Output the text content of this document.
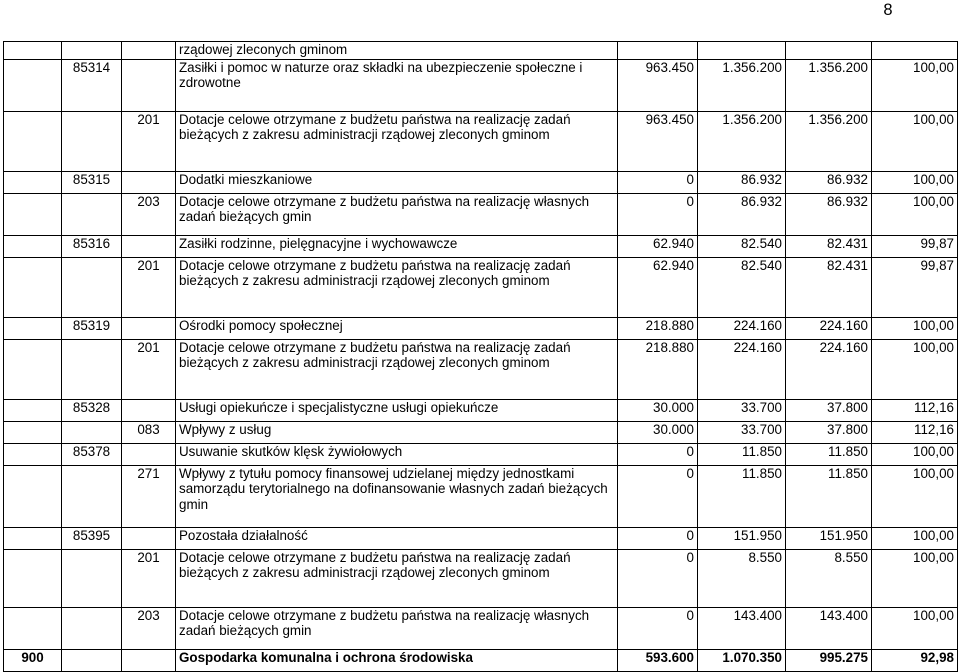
8
			rządowej zleconych gminom				
	85314		Zasiłki i pomoc w naturze oraz składki na ubezpieczenie społeczne i zdrowotne	963.450	1.356.200	1.356.200	100,00
		201	Dotacje celowe otrzymane z budżetu państwa na realizację zadań bieżących z zakresu administracji rządowej zleconych gminom	963.450	1.356.200	1.356.200	100,00
	85315		Dodatki mieszkaniowe	0	86.932	86.932	100,00
		203	Dotacje celowe otrzymane z budżetu państwa na realizację własnych zadań bieżących gmin	0	86.932	86.932	100,00
	85316		Zasiłki rodzinne, pielęgnacyjne i wychowawcze	62.940	82.540	82.431	99,87
		201	Dotacje celowe otrzymane z budżetu państwa na realizację zadań bieżących z zakresu administracji rządowej zleconych gminom	62.940	82.540	82.431	99,87
	85319		Ośrodki pomocy społecznej	218.880	224.160	224.160	100,00
		201	Dotacje celowe otrzymane z budżetu państwa na realizację zadań bieżących z zakresu administracji rządowej zleconych gminom	218.880	224.160	224.160	100,00
	85328		Usługi opiekuńcze i specjalistyczne usługi opiekuńcze	30.000	33.700	37.800	112,16
		083	Wpływy z usług	30.000	33.700	37.800	112,16
	85378		Usuwanie skutków klęsk żywiołowych	0	11.850	11.850	100,00
		271	Wpływy z tytułu pomocy finansowej udzielanej między jednostkami samorządu terytorialnego na dofinansowanie własnych zadań bieżących gmin	0	11.850	11.850	100,00
	85395		Pozostała działalność	0	151.950	151.950	100,00
		201	Dotacje celowe otrzymane z budżetu państwa na realizację zadań bieżących z zakresu administracji rządowej zleconych gminom	0	8.550	8.550	100,00
		203	Dotacje celowe otrzymane z budżetu państwa na realizację własnych zadań bieżących gmin	0	143.400	143.400	100,00
900			Gospodarka komunalna i ochrona środowiska	593.600	1.070.350	995.275	92,98
